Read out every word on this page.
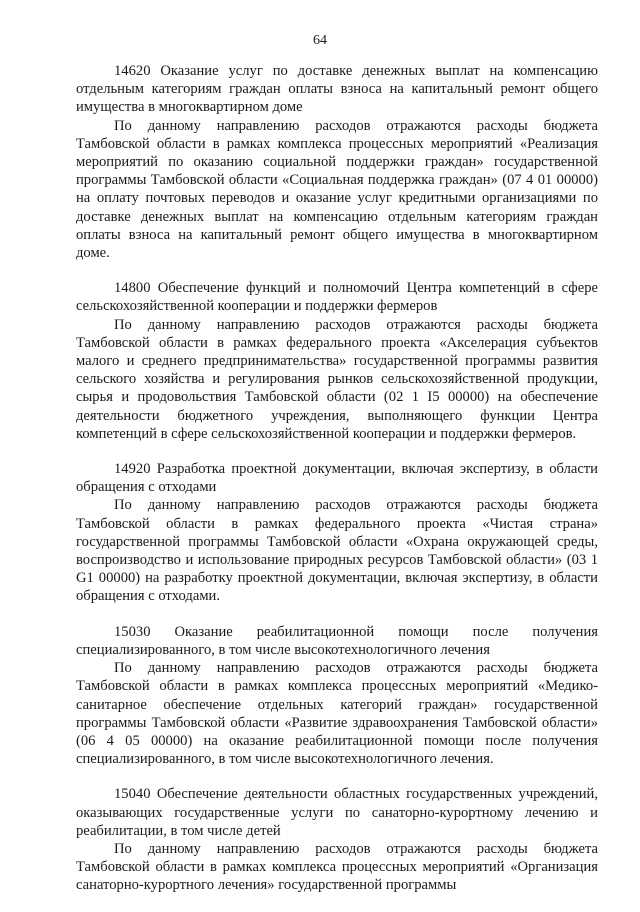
64

14620 Оказание услуг по доставке денежных выплат на компенсацию отдельным категориям граждан оплаты взноса на капитальный ремонт общего имущества в многоквартирном доме

По данному направлению расходов отражаются расходы бюджета Тамбовской области в рамках комплекса процессных мероприятий «Реализация мероприятий по оказанию социальной поддержки граждан» государственной программы Тамбовской области «Социальная поддержка граждан» (07 4 01 00000) на оплату почтовых переводов и оказание услуг кредитными организациями по доставке денежных выплат на компенсацию отдельным категориям граждан оплаты взноса на капитальный ремонт общего имущества в многоквартирном доме.

14800 Обеспечение функций и полномочий Центра компетенций в сфере сельскохозяйственной кооперации и поддержки фермеров

По данному направлению расходов отражаются расходы бюджета Тамбовской области в рамках федерального проекта «Акселерация субъектов малого и среднего предпринимательства» государственной программы развития сельского хозяйства и регулирования рынков сельскохозяйственной продукции, сырья и продовольствия Тамбовской области (02 1 I5 00000) на обеспечение деятельности бюджетного учреждения, выполняющего функции Центра компетенций в сфере сельскохозяйственной кооперации и поддержки фермеров.

14920 Разработка проектной документации, включая экспертизу, в области обращения с отходами

По данному направлению расходов отражаются расходы бюджета Тамбовской области в рамках федерального проекта «Чистая страна» государственной программы Тамбовской области «Охрана окружающей среды, воспроизводство и использование природных ресурсов Тамбовской области» (03 1 G1 00000) на разработку проектной документации, включая экспертизу, в области обращения с отходами.

15030 Оказание реабилитационной помощи после получения специализированного, в том числе высокотехнологичного лечения

По данному направлению расходов отражаются расходы бюджета Тамбовской области в рамках комплекса процессных мероприятий «Медико-санитарное обеспечение отдельных категорий граждан» государственной программы Тамбовской области «Развитие здравоохранения Тамбовской области» (06 4 05 00000) на оказание реабилитационной помощи после получения специализированного, в том числе высокотехнологичного лечения.

15040 Обеспечение деятельности областных государственных учреждений, оказывающих государственные услуги по санаторно-курортному лечению и реабилитации, в том числе детей

По данному направлению расходов отражаются расходы бюджета Тамбовской области в рамках комплекса процессных мероприятий «Организация санаторно-курортного лечения» государственной программы
